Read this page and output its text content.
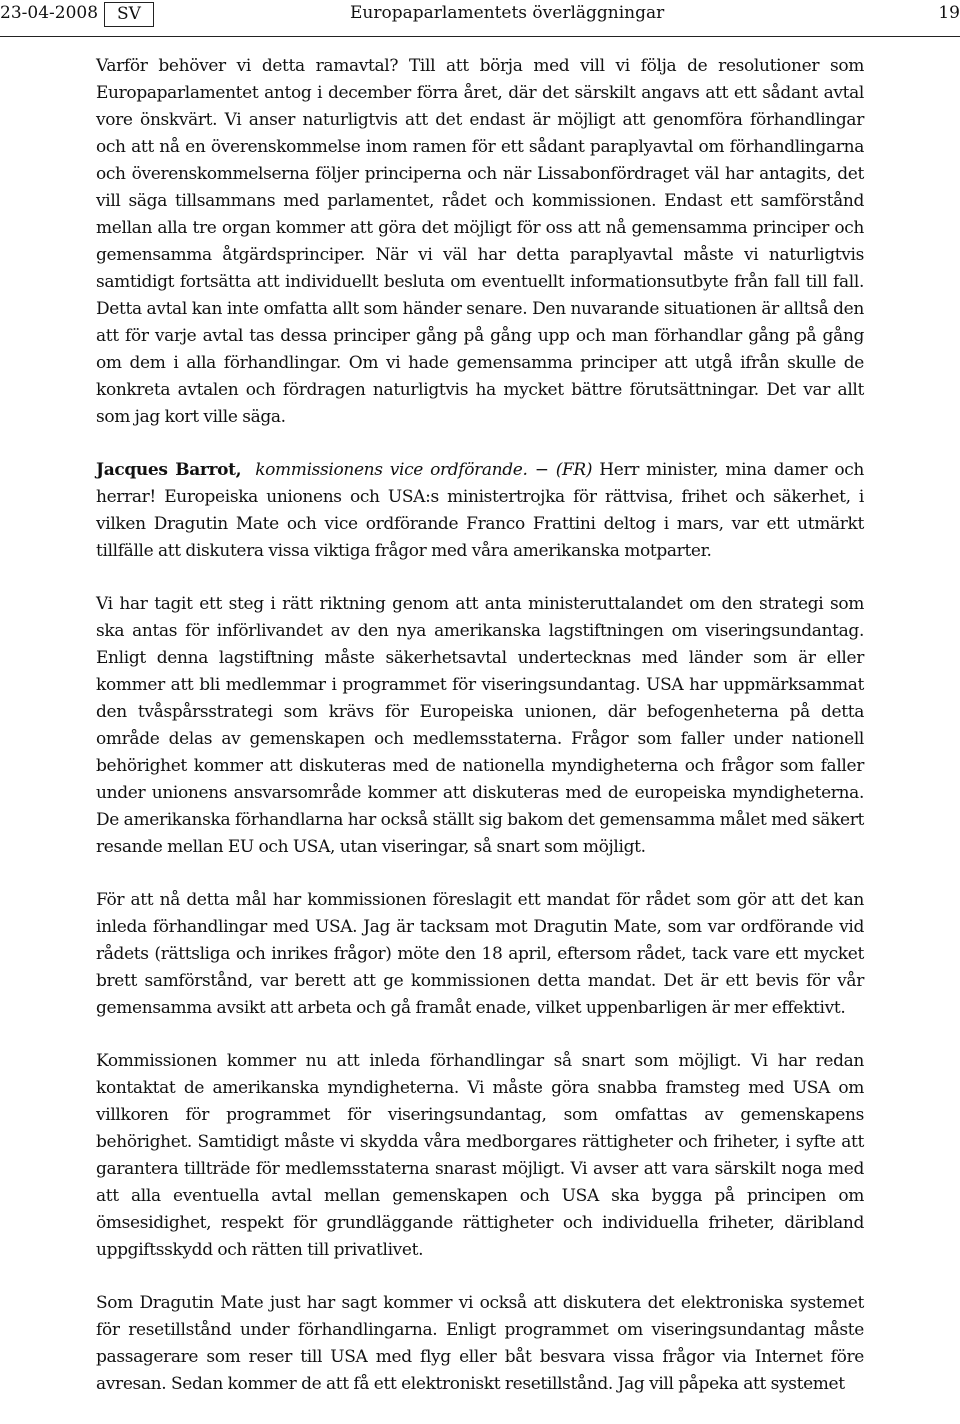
23-04-2008	SV	Europaparlamentets överläggningar	19

Varför behöver vi detta ramavtal? Till att börja med vill vi följa de resolutioner som Europaparlamentet antog i december förra året, där det särskilt angavs att ett sådant avtal vore önskvärt. Vi anser naturligtvis att det endast är möjligt att genomföra förhandlingar och att nå en överenskommelse inom ramen för ett sådant paraplyavtal om förhandlingarna och överenskommelserna följer principerna och när Lissabonfördraget väl har antagits, det vill säga tillsammans med parlamentet, rådet och kommissionen. Endast ett samförstånd mellan alla tre organ kommer att göra det möjligt för oss att nå gemensamma principer och gemensamma åtgärdsprinciper. När vi väl har detta paraplyavtal måste vi naturligtvis samtidigt fortsätta att individuellt besluta om eventuellt informationsutbyte från fall till fall. Detta avtal kan inte omfatta allt som händer senare. Den nuvarande situationen är alltså den att för varje avtal tas dessa principer gång på gång upp och man förhandlar gång på gång om dem i alla förhandlingar. Om vi hade gemensamma principer att utgå ifrån skulle de konkreta avtalen och fördragen naturligtvis ha mycket bättre förutsättningar. Det var allt som jag kort ville säga.

Jacques Barrot, kommissionens vice ordförande. − (FR) Herr minister, mina damer och herrar! Europeiska unionens och USA:s ministertrojka för rättvisa, frihet och säkerhet, i vilken Dragutin Mate och vice ordförande Franco Frattini deltog i mars, var ett utmärkt tillfälle att diskutera vissa viktiga frågor med våra amerikanska motparter.

Vi har tagit ett steg i rätt riktning genom att anta ministeruttalandet om den strategi som ska antas för införlivandet av den nya amerikanska lagstiftningen om viseringsundantag. Enligt denna lagstiftning måste säkerhetsavtal undertecknas med länder som är eller kommer att bli medlemmar i programmet för viseringsundantag. USA har uppmärksammat den tvåspårsstrategi som krävs för Europeiska unionen, där befogenheterna på detta område delas av gemenskapen och medlemsstaterna. Frågor som faller under nationell behörighet kommer att diskuteras med de nationella myndigheterna och frågor som faller under unionens ansvarsområde kommer att diskuteras med de europeiska myndigheterna. De amerikanska förhandlarna har också ställt sig bakom det gemensamma målet med säkert resande mellan EU och USA, utan viseringar, så snart som möjligt.

För att nå detta mål har kommissionen föreslagit ett mandat för rådet som gör att det kan inleda förhandlingar med USA. Jag är tacksam mot Dragutin Mate, som var ordförande vid rådets (rättsliga och inrikes frågor) möte den 18 april, eftersom rådet, tack vare ett mycket brett samförstånd, var berett att ge kommissionen detta mandat. Det är ett bevis för vår gemensamma avsikt att arbeta och gå framåt enade, vilket uppenbarligen är mer effektivt.

Kommissionen kommer nu att inleda förhandlingar så snart som möjligt. Vi har redan kontaktat de amerikanska myndigheterna. Vi måste göra snabba framsteg med USA om villkoren för programmet för viseringsundantag, som omfattas av gemenskapens behörighet. Samtidigt måste vi skydda våra medborgares rättigheter och friheter, i syfte att garantera tillträde för medlemsstaterna snarast möjligt. Vi avser att vara särskilt noga med att alla eventuella avtal mellan gemenskapen och USA ska bygga på principen om ömsesidighet, respekt för grundläggande rättigheter och individuella friheter, däribland uppgiftsskydd och rätten till privatlivet.

Som Dragutin Mate just har sagt kommer vi också att diskutera det elektroniska systemet för resetillstånd under förhandlingarna. Enligt programmet om viseringsundantag måste passagerare som reser till USA med flyg eller båt besvara vissa frågor via Internet före avresan. Sedan kommer de att få ett elektroniskt resetillstånd. Jag vill påpeka att systemet
